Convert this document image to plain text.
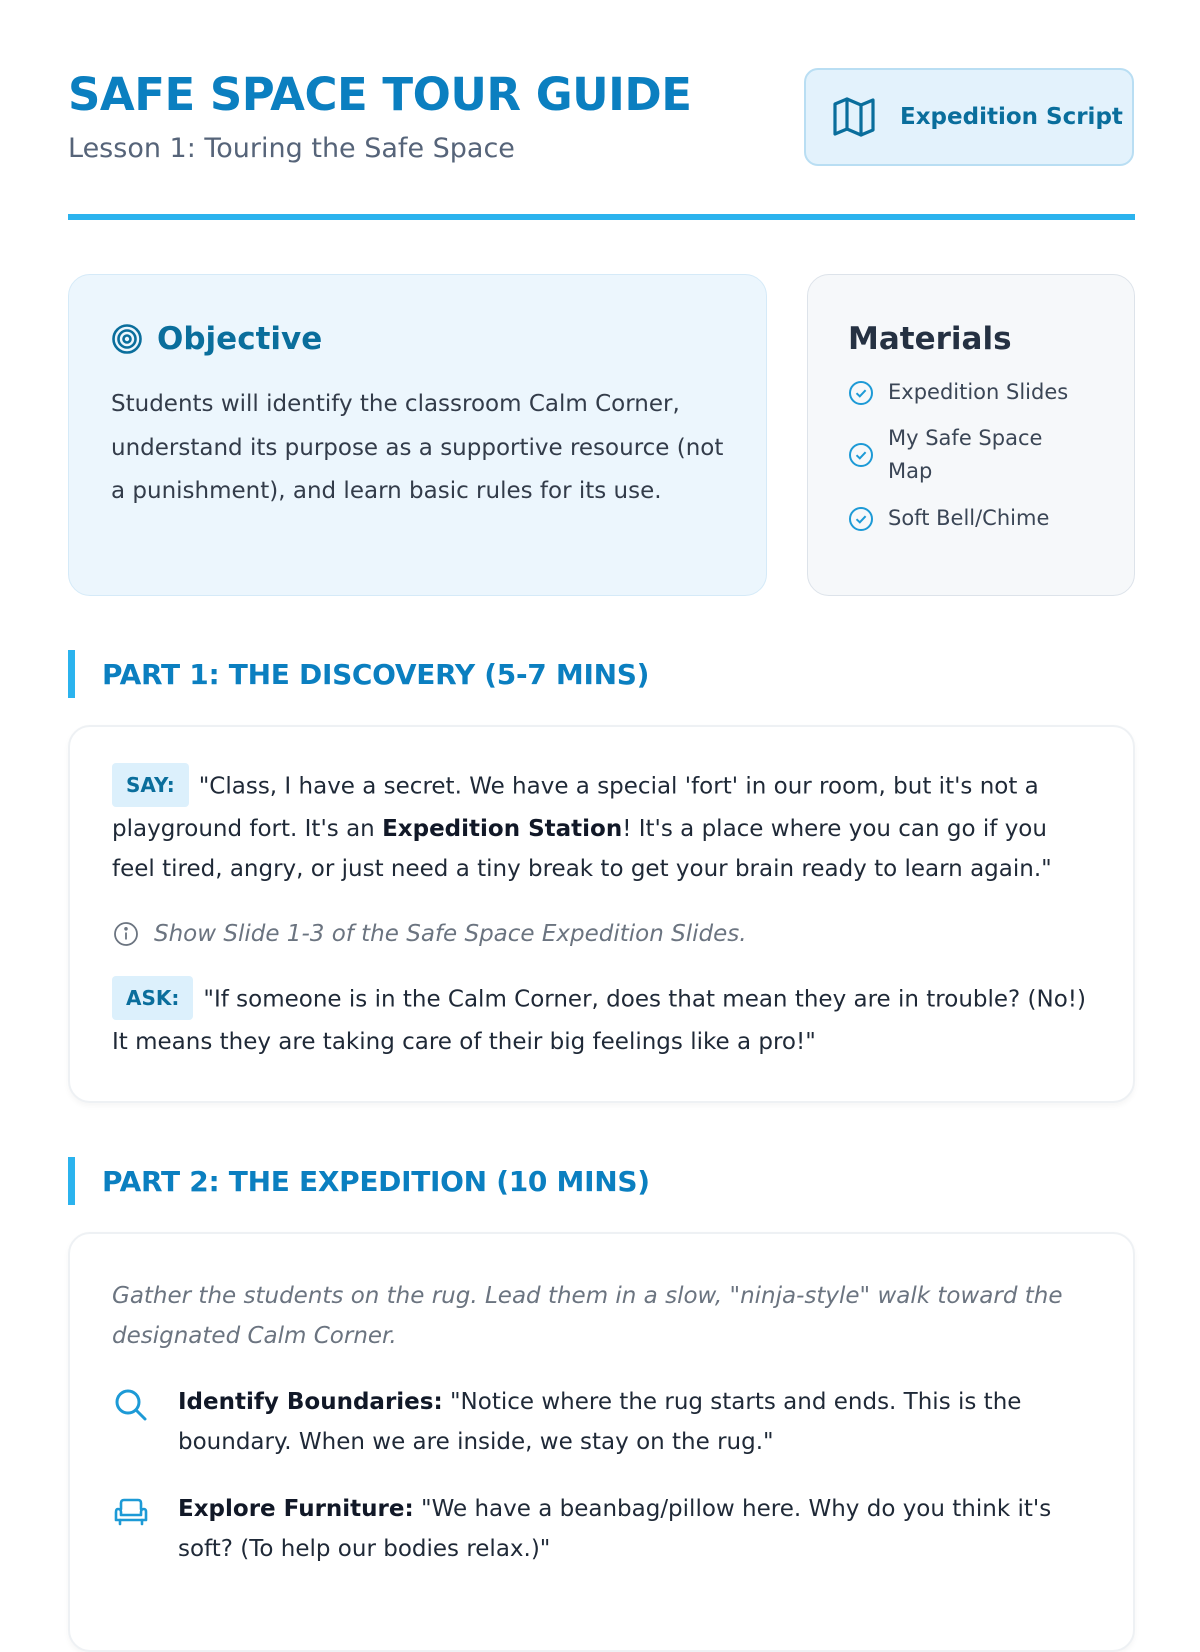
SAFE SPACE TOUR GUIDE

Lesson 1: Touring the Safe Space

Expedition Script
Objective

Students will identify the classroom Calm Corner, understand its purpose as a supportive resource (not a punishment), and learn basic rules for its use.

Materials
Expedition Slides
My Safe Space Map
Soft Bell/Chime
PART 1: THE DISCOVERY (5-7 MINS)

SAY: "Class, I have a secret. We have a special 'fort' in our room, but it's not a playground fort. It's an Expedition Station! It's a place where you can go if you feel tired, angry, or just need a tiny break to get your brain ready to learn again."

Show Slide 1-3 of the Safe Space Expedition Slides.

ASK: "If someone is in the Calm Corner, does that mean they are in trouble? (No!) It means they are taking care of their big feelings like a pro!"

PART 2: THE EXPEDITION (10 MINS)

Gather the students on the rug. Lead them in a slow, "ninja-style" walk toward the designated Calm Corner.

Identify Boundaries: "Notice where the rug starts and ends. This is the boundary. When we are inside, we stay on the rug."

Explore Furniture: "We have a beanbag/pillow here. Why do you think it's soft? (To help our bodies relax.)"
